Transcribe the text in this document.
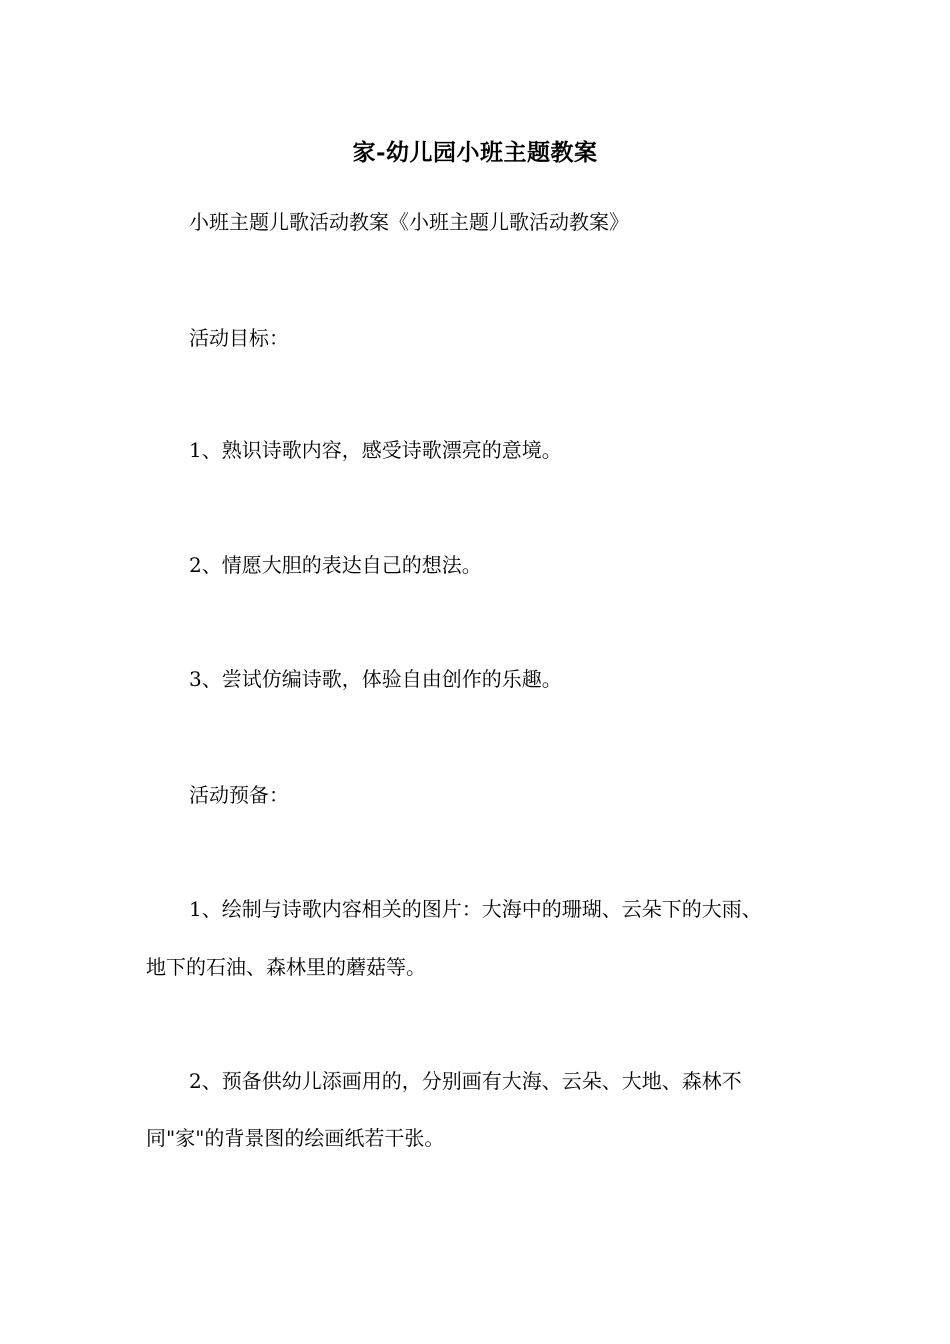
家-幼儿园小班主题教案
小班主题儿歌活动教案《小班主题儿歌活动教案》
活动目标：
1、熟识诗歌内容，感受诗歌漂亮的意境。
2、情愿大胆的表达自己的想法。
3、尝试仿编诗歌，体验自由创作的乐趣。
活动预备：
1、绘制与诗歌内容相关的图片：大海中的珊瑚、云朵下的大雨、
地下的石油、森林里的蘑菇等。
2、预备供幼儿添画用的，分别画有大海、云朵、大地、森林不
同"家"的背景图的绘画纸若干张。
